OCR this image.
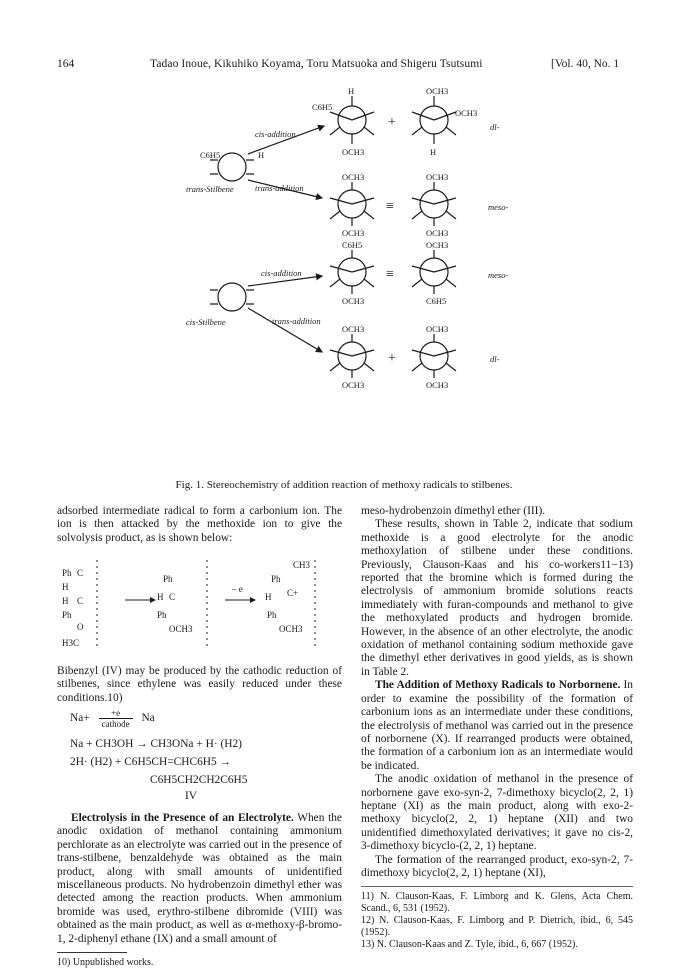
164	Tadao Inoue, Kikuhiko Koyama, Toru Matsuoka and Shigeru Tsutsumi	[Vol. 40, No. 1
cis-addition
trans-addition
trans-Stilbene
cis-addition
trans-addition
cis-Stilbene
dl-
meso-
meso-
dl-
+
≡
≡
+
H	OCH3
C6H5
OCH3
OCH3	H
C6H5	H
OCH3	OCH3
OCH3	OCH3
C6H5	OCH3
OCH3	C6H5
OCH3	OCH3
OCH3	OCH3
Fig. 1. Stereochemistry of addition reaction of methoxy radicals to stilbenes.

adsorbed intermediate radical to form a carbonium ion. The ion is then attacked by the methoxide ion to give the solvolysis product, as is shown below:

Ph C
H
H C
Ph
O
H3C
Ph
H C
Ph
OCH3
– e
CH3
Ph
H C+
Ph
OCH3

Bibenzyl (IV) may be produced by the cathodic reduction of stilbenes, since ethylene was easily reduced under these conditions.10)

Na+	+e
cathode Na
Na + CH3OH → CH3ONa + H· (H2)
2H· (H2) + C6H5CH=CHC6H5 →
C6H5CH2CH2C6H5
IV

Electrolysis in the Presence of an Electrolyte. When the anodic oxidation of methanol containing ammonium perchlorate as an electrolyte was carried out in the presence of trans-stilbene, benzaldehyde was obtained as the main product, along with small amounts of unidentified miscellaneous products. No hydrobenzoin dimethyl ether was detected among the reaction products. When ammonium bromide was used, erythro-stilbene dibromide (VIII) was obtained as the main product, as well as α-methoxy-β-bromo-1, 2-diphenyl ethane (IX) and a small amount of

10) Unpublished works.

meso-hydrobenzoin dimethyl ether (III).

These results, shown in Table 2, indicate that sodium methoxide is a good electrolyte for the anodic methoxylation of stilbene under these conditions. Previously, Clauson-Kaas and his co-workers11−13) reported that the bromine which is formed during the electrolysis of ammonium bromide solutions reacts immediately with furan-compounds and methanol to give the methoxylated products and hydrogen bromide. However, in the absence of an other electrolyte, the anodic oxidation of methanol containing sodium methoxide gave the dimethyl ether derivatives in good yields, as is shown in Table 2.

The Addition of Methoxy Radicals to Norbornene. In order to examine the possibility of the formation of carbonium ions as an intermediate under these conditions, the electrolysis of methanol was carried out in the presence of norbornene (X). If rearranged products were obtained, the formation of a carbonium ion as an intermediate would be indicated.

The anodic oxidation of methanol in the presence of norbornene gave exo-syn-2, 7-dimethoxy bicyclo(2, 2, 1) heptane (XI) as the main product, along with exo-2-methoxy bicyclo(2, 2, 1) heptane (XII) and two unidentified dimethoxylated derivatives; it gave no cis-2, 3-dimethoxy bicyclo-(2, 2, 1) heptane.

The formation of the rearranged product, exo-syn-2, 7-dimethoxy bicyclo(2, 2, 1) heptane (XI),

11) N. Clauson-Kaas, F. Limborg and K. Glens, Acta Chem. Scand., 6, 531 (1952).

12) N. Clauson-Kaas, F. Limborg and P. Dietrich, ibid., 6, 545 (1952).

13) N. Clauson-Kaas and Z. Tyle, ibid., 6, 667 (1952).
